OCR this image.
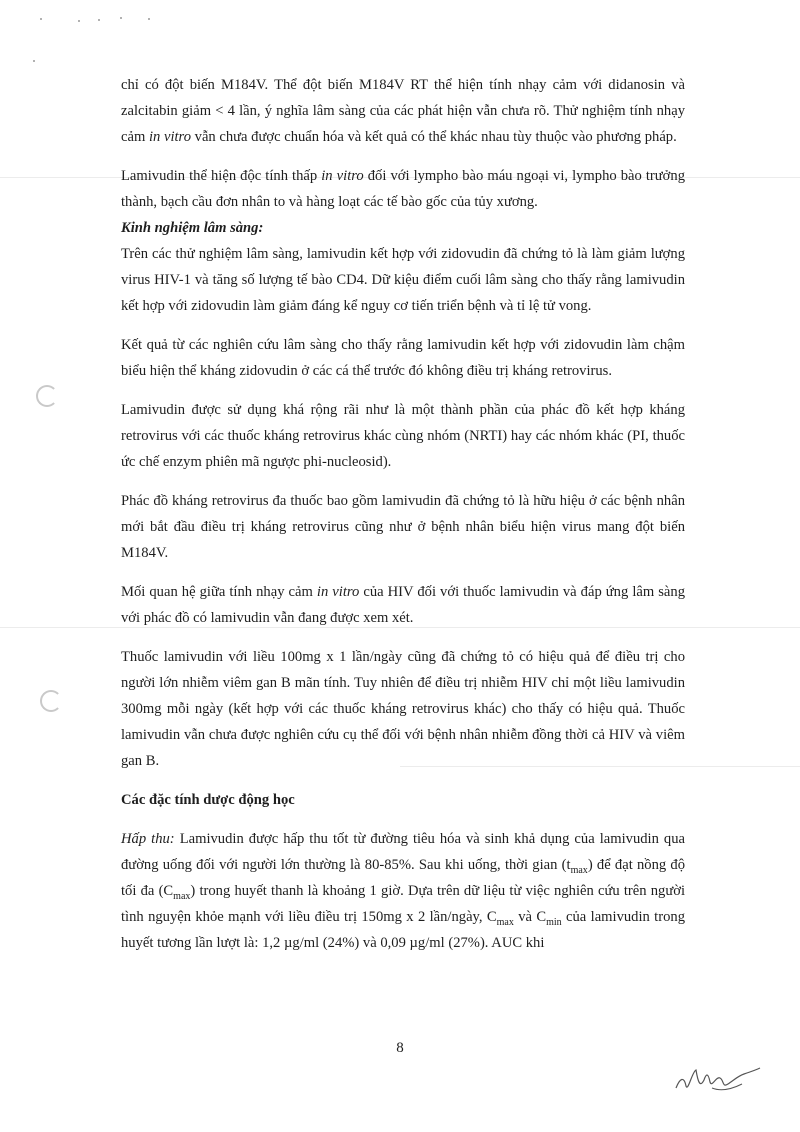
chỉ có đột biến M184V. Thể đột biến M184V RT thể hiện tính nhạy cảm với didanosin và zalcitabin giảm < 4 lần, ý nghĩa lâm sàng của các phát hiện vẫn chưa rõ. Thử nghiệm tính nhạy cảm in vitro vẫn chưa được chuẩn hóa và kết quả có thể khác nhau tùy thuộc vào phương pháp.

Lamivudin thể hiện độc tính thấp in vitro đối với lympho bào máu ngoại vi, lympho bào trưởng thành, bạch cầu đơn nhân to và hàng loạt các tế bào gốc của tủy xương.

Kinh nghiệm lâm sàng:

Trên các thử nghiệm lâm sàng, lamivudin kết hợp với zidovudin đã chứng tỏ là làm giảm lượng virus HIV-1 và tăng số lượng tế bào CD4. Dữ kiệu điểm cuối lâm sàng cho thấy rằng lamivudin kết hợp với zidovudin làm giảm đáng kể nguy cơ tiến triển bệnh và tỉ lệ tử vong.

Kết quả từ các nghiên cứu lâm sàng cho thấy rằng lamivudin kết hợp với zidovudin làm chậm biểu hiện thể kháng zidovudin ở các cá thể trước đó không điều trị kháng retrovirus.

Lamivudin được sử dụng khá rộng rãi như là một thành phần của phác đồ kết hợp kháng retrovirus với các thuốc kháng retrovirus khác cùng nhóm (NRTI) hay các nhóm khác (PI, thuốc ức chế enzym phiên mã ngược phi-nucleosid).

Phác đồ kháng retrovirus đa thuốc bao gồm lamivudin đã chứng tỏ là hữu hiệu ở các bệnh nhân mới bắt đầu điều trị kháng retrovirus cũng như ở bệnh nhân biểu hiện virus mang đột biến M184V.

Mối quan hệ giữa tính nhạy cảm in vitro của HIV đối với thuốc lamivudin và đáp ứng lâm sàng với phác đồ có lamivudin vẫn đang được xem xét.

Thuốc lamivudin với liều 100mg x 1 lần/ngày cũng đã chứng tỏ có hiệu quả để điều trị cho người lớn nhiễm viêm gan B mãn tính. Tuy nhiên để điều trị nhiễm HIV chỉ một liều lamivudin 300mg mỗi ngày (kết hợp với các thuốc kháng retrovirus khác) cho thấy có hiệu quả. Thuốc lamivudin vẫn chưa được nghiên cứu cụ thể đối với bệnh nhân nhiễm đồng thời cả HIV và viêm gan B.

Các đặc tính dược động học

Hấp thu: Lamivudin được hấp thu tốt từ đường tiêu hóa và sinh khả dụng của lamivudin qua đường uống đối với người lớn thường là 80-85%. Sau khi uống, thời gian $(t_{max})$ để đạt nồng độ tối đa $(C_{max})$ trong huyết thanh là khoảng 1 giờ. Dựa trên dữ liệu từ việc nghiên cứu trên người tình nguyện khỏe mạnh với liều điều trị 150mg x 2 lần/ngày, $C_{max}$ và $C_{min}$ của lamivudin trong huyết tương lần lượt là: 1,2 µg/ml (24%) và 0,09 µg/ml (27%). AUC khi

8
